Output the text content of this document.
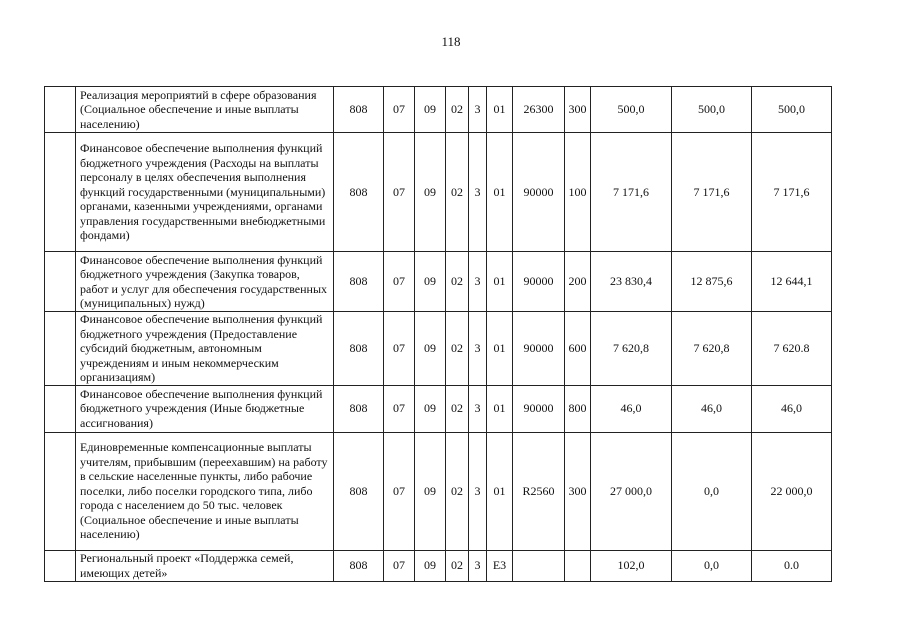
118
	Реализация мероприятий в сфере образования (Социальное обеспечение и иные выплаты населению)	808	07	09	02	3	01	26300	300	500,0	500,0	500,0
	Финансовое обеспечение выполнения функций бюджетного учреждения (Расходы на выплаты персоналу в целях обеспечения выполнения функций государственными (муниципальными) органами, казенными учреждениями, органами управления государственными внебюджетными фондами)	808	07	09	02	3	01	90000	100	7 171,6	7 171,6	7 171,6
	Финансовое обеспечение выполнения функций бюджетного учреждения (Закупка товаров, работ и услуг для обеспечения государственных (муниципальных) нужд)	808	07	09	02	3	01	90000	200	23 830,4	12 875,6	12 644,1
	Финансовое обеспечение выполнения функций бюджетного учреждения (Предоставление субсидий бюджетным, автономным учреждениям и иным некоммерческим организациям)	808	07	09	02	3	01	90000	600	7 620,8	7 620,8	7 620.8
	Финансовое обеспечение выполнения функций бюджетного учреждения (Иные бюджетные ассигнования)	808	07	09	02	3	01	90000	800	46,0	46,0	46,0
	Единовременные компенсационные выплаты учителям, прибывшим (переехавшим) на работу в сельские населенные пункты, либо рабочие поселки, либо поселки городского типа, либо города с населением до 50 тыс. человек (Социальное обеспечение и иные выплаты населению)	808	07	09	02	3	01	R2560	300	27 000,0	0,0	22 000,0
	Региональный проект «Поддержка семей, имеющих детей»	808	07	09	02	3	Е3			102,0	0,0	0.0
